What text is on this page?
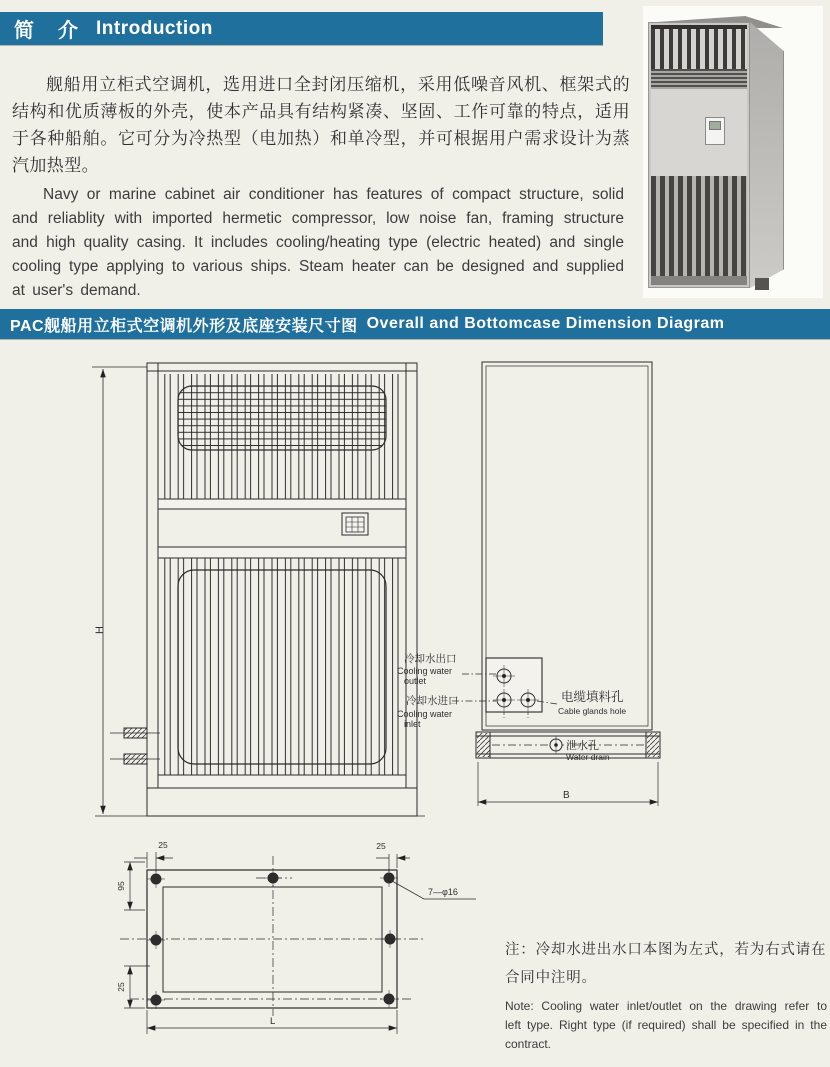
简　介 Introduction

舰船用立柜式空调机，选用进口全封闭压缩机，采用低噪音风机、框架式的结构和优质薄板的外壳，使本产品具有结构紧凑、坚固、工作可靠的特点，适用于各种船舶。它可分为冷热型（电加热）和单冷型，并可根据用户需求设计为蒸汽加热型。

Navy or marine cabinet air conditioner has features of compact structure, solid and reliablity with imported hermetic compressor, low noise fan, framing structure and high quality casing. It includes cooling/heating type (electric heated) and single cooling type applying to various ships. Steam heater can be designed and supplied at user's demand.

PAC舰船用立柜式空调机外形及底座安装尺寸图 Overall and Bottomcase Dimension Diagram
H
B
冷却水出口
Cooling water
outlet
冷却水进口
Cooling water
inlet
电缆填料孔
Cable glands hole
泄水孔
Water drain
25	25
95
25
L
7—φ16

注：冷却水进出水口本图为左式，若为右式请在合同中注明。

Note: Cooling water inlet/outlet on the drawing refer to left type. Right type (if required) shall be specified in the contract.
